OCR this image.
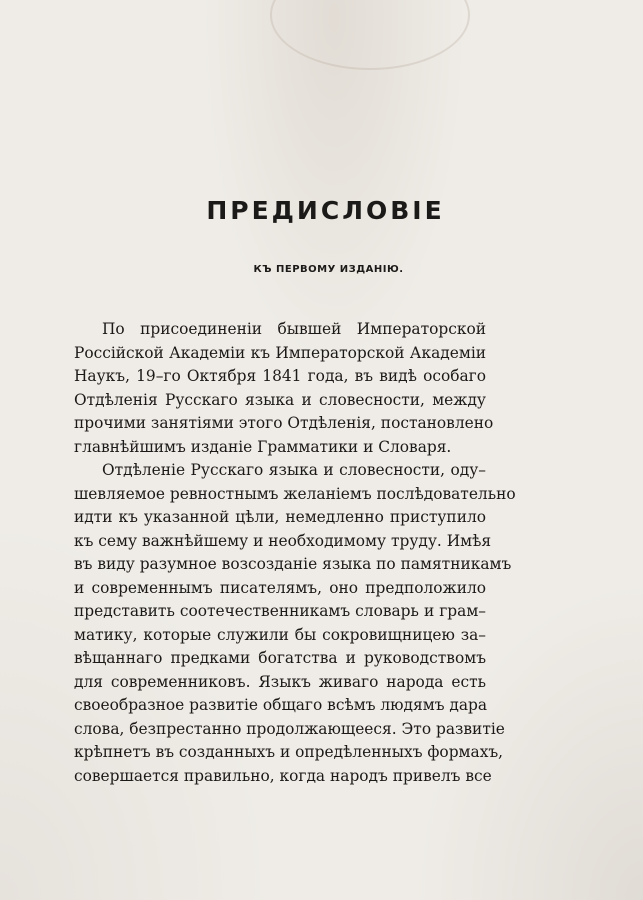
ПРЕДИСЛОВІЕ
КЪ ПЕРВОМУ ИЗДАНІЮ.
По присоединеніи бывшей Императорской
Россійской Академіи къ Императорской Академіи
Наукъ, 19–го Октября 1841 года, въ видѣ особаго
Отдѣленія Русскаго языка и словесности, между
прочими занятіями этого Отдѣленія, постановлено
главнѣйшимъ изданіе Грамматики и Словаря.
Отдѣленіе Русскаго языка и словесности, оду–
шевляемое ревностнымъ желаніемъ послѣдовательно
идти къ указанной цѣли, немедленно приступило
къ сему важнѣйшему и необходимому труду. Имѣя
въ виду разумное возсозданіе языка по памятникамъ
и современнымъ писателямъ, оно предположило
представить соотечественникамъ словарь и грам–
матику, которые служили бы сокровищницею за–
вѣщаннаго предками богатства и руководствомъ
для современниковъ. Языкъ живаго народа есть
своеобразное развитіе общаго всѣмъ людямъ дара
слова, безпрестанно продолжающееся. Это развитіе
крѣпнетъ въ созданныхъ и опредѣленныхъ формахъ,
совершается правильно, когда народъ привелъ все
